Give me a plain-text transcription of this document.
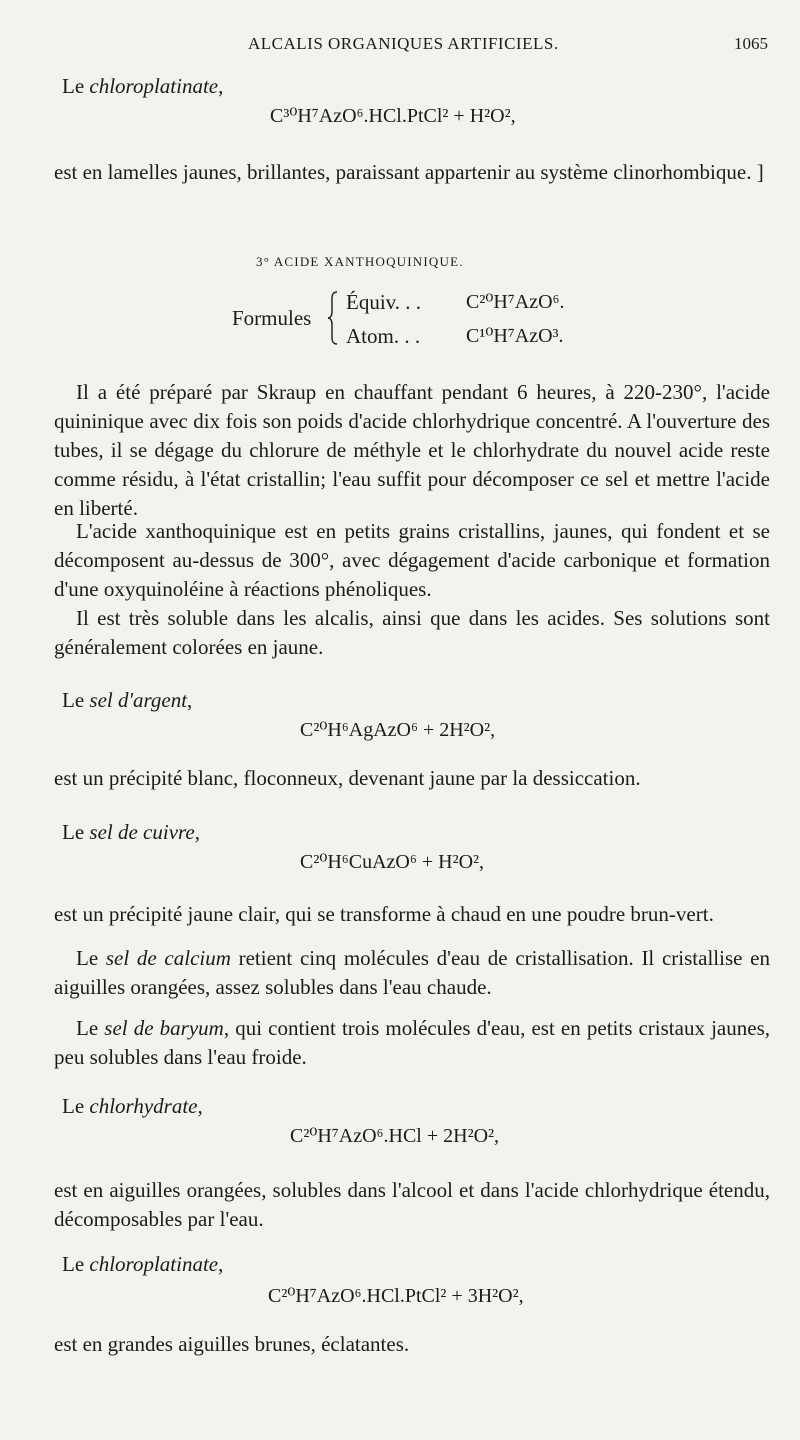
ALCALIS ORGANIQUES ARTIFICIELS.	1065
Le chloroplatinate,
C³⁰H⁷AzO⁶.HCl.PtCl² + H²O²,
est en lamelles jaunes, brillantes, paraissant appartenir au système clinorhombique. ]
3° ACIDE XANTHOQUINIQUE.
Formules
Équiv. . . C²⁰H⁷AzO⁶.
Atom. . . C¹⁰H⁷AzO³.
Il a été préparé par Skraup en chauffant pendant 6 heures, à 220-230°, l'acide quininique avec dix fois son poids d'acide chlorhydrique concentré. A l'ouverture des tubes, il se dégage du chlorure de méthyle et le chlorhydrate du nouvel acide reste comme résidu, à l'état cristallin; l'eau suffit pour décomposer ce sel et mettre l'acide en liberté.
L'acide xanthoquinique est en petits grains cristallins, jaunes, qui fondent et se décomposent au-dessus de 300°, avec dégagement d'acide carbonique et formation d'une oxyquinoléine à réactions phénoliques.
Il est très soluble dans les alcalis, ainsi que dans les acides. Ses solutions sont généralement colorées en jaune.
Le sel d'argent,
C²⁰H⁶AgAzO⁶ + 2H²O²,
est un précipité blanc, floconneux, devenant jaune par la dessiccation.
Le sel de cuivre,
C²⁰H⁶CuAzO⁶ + H²O²,
est un précipité jaune clair, qui se transforme à chaud en une poudre brun-vert.
Le sel de calcium retient cinq molécules d'eau de cristallisation. Il cristallise en aiguilles orangées, assez solubles dans l'eau chaude.
Le sel de baryum, qui contient trois molécules d'eau, est en petits cristaux jaunes, peu solubles dans l'eau froide.
Le chlorhydrate,
C²⁰H⁷AzO⁶.HCl + 2H²O²,
est en aiguilles orangées, solubles dans l'alcool et dans l'acide chlorhydrique étendu, décomposables par l'eau.
Le chloroplatinate,
C²⁰H⁷AzO⁶.HCl.PtCl² + 3H²O²,
est en grandes aiguilles brunes, éclatantes.
